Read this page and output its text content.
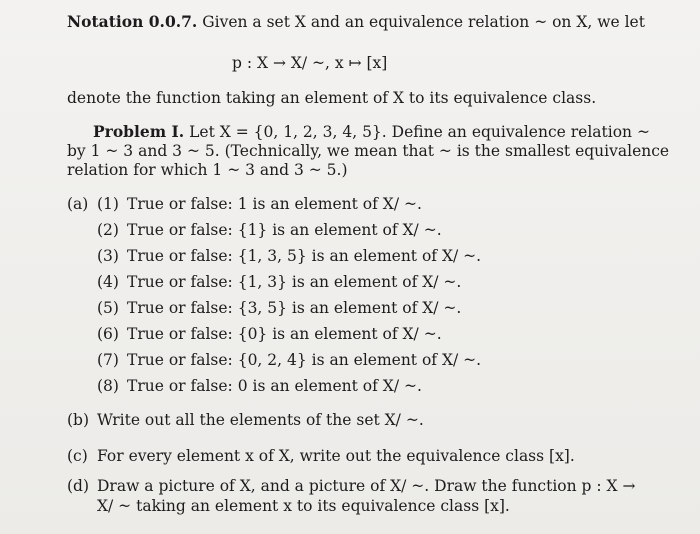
Notation 0.0.7. Given a set X and an equivalence relation ~ on X, we let
p : X → X/ ~, x ↦ [x]
denote the function taking an element of X to its equivalence class.
Problem I. Let X = {0, 1, 2, 3, 4, 5}. Define an equivalence relation ~
by 1 ~ 3 and 3 ~ 5. (Technically, we mean that ~ is the smallest equivalence
relation for which 1 ~ 3 and 3 ~ 5.)
(a) (1) True or false: 1 is an element of X/ ~.
(2) True or false: {1} is an element of X/ ~.
(3) True or false: {1, 3, 5} is an element of X/ ~.
(4) True or false: {1, 3} is an element of X/ ~.
(5) True or false: {3, 5} is an element of X/ ~.
(6) True or false: {0} is an element of X/ ~.
(7) True or false: {0, 2, 4} is an element of X/ ~.
(8) True or false: 0 is an element of X/ ~.
(b) Write out all the elements of the set X/ ~.
(c) For every element x of X, write out the equivalence class [x].
(d) Draw a picture of X, and a picture of X/ ~. Draw the function p : X →
X/ ~ taking an element x to its equivalence class [x].
